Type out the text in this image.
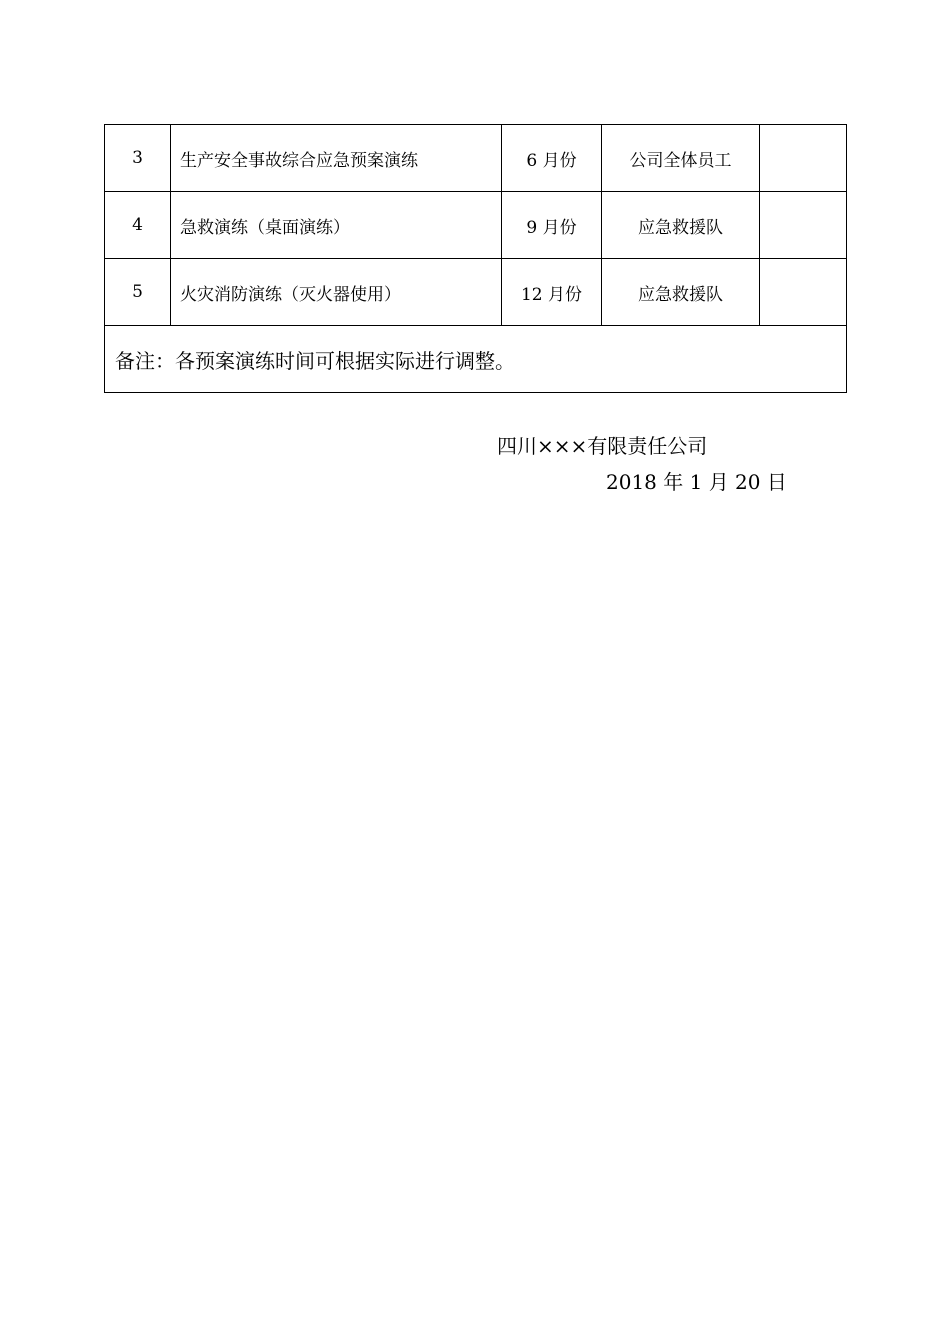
3	生产安全事故综合应急预案演练	6 月份	公司全体员工	
4	急救演练（桌面演练）	9 月份	应急救援队	
5	火灾消防演练（灭火器使用）	12 月份	应急救援队	
备注：各预案演练时间可根据实际进行调整。				
四川×××有限责任公司
2018 年 1 月 20 日
